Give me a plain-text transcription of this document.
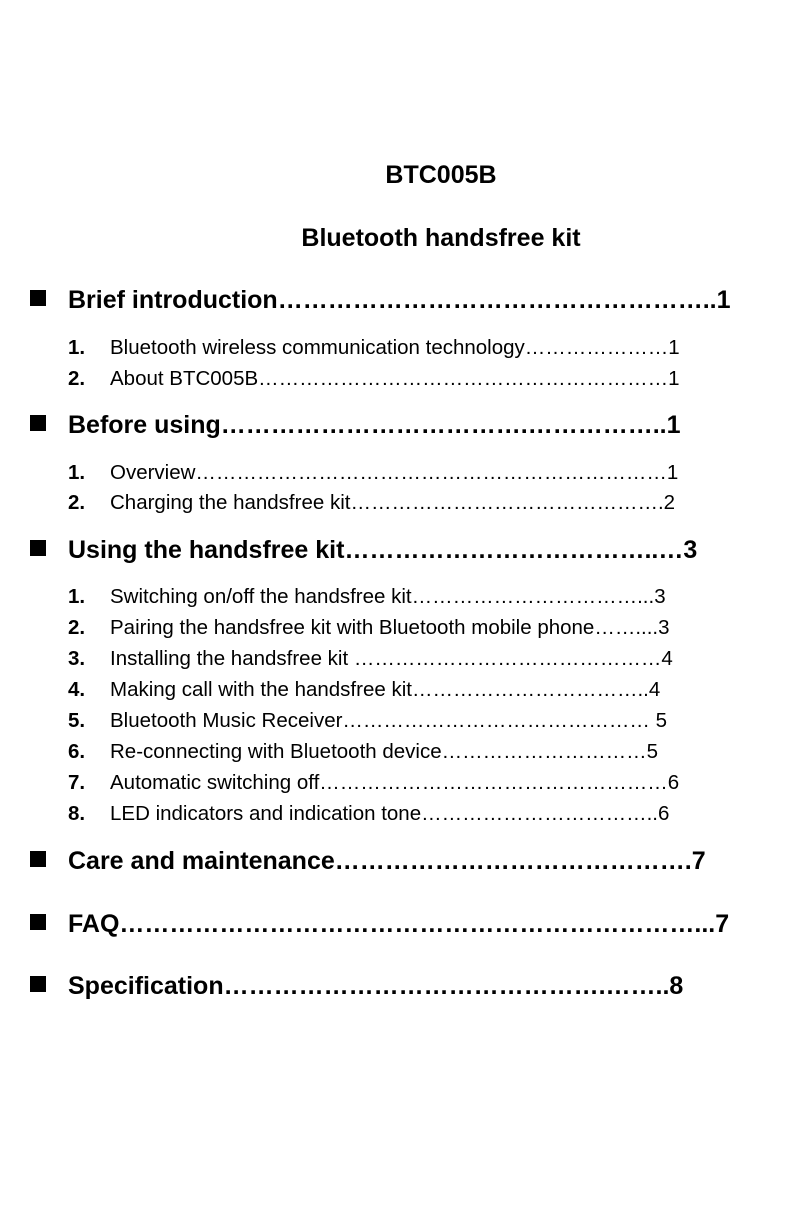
BTC005B
Bluetooth handsfree kit
Brief introduction……………………………………………..1
1. Bluetooth wireless communication technology…………………1
2. About BTC005B……………………………………………………1
Before using……………………………….……………..1
1. Overview……………………………………………………………1
2. Charging the handsfree kit……………………………………….2
Using the handsfree kit………………………………..…3
1. Switching on/off the handsfree kit……………………………...3
2. Pairing the handsfree kit with Bluetooth mobile phone……....3
3. Installing the handsfree kit ………………………………………4
4. Making call with the handsfree kit……………………………..4
5. Bluetooth Music Receiver……………………………………… 5
6. Re-connecting with Bluetooth device…………………………5
7. Automatic switching off……………………………………………6
8. LED indicators and indication tone……………………………..6
Care and maintenance…………………………………….7
FAQ……………………………………………………………...7
Specification……………………………………….……..8
